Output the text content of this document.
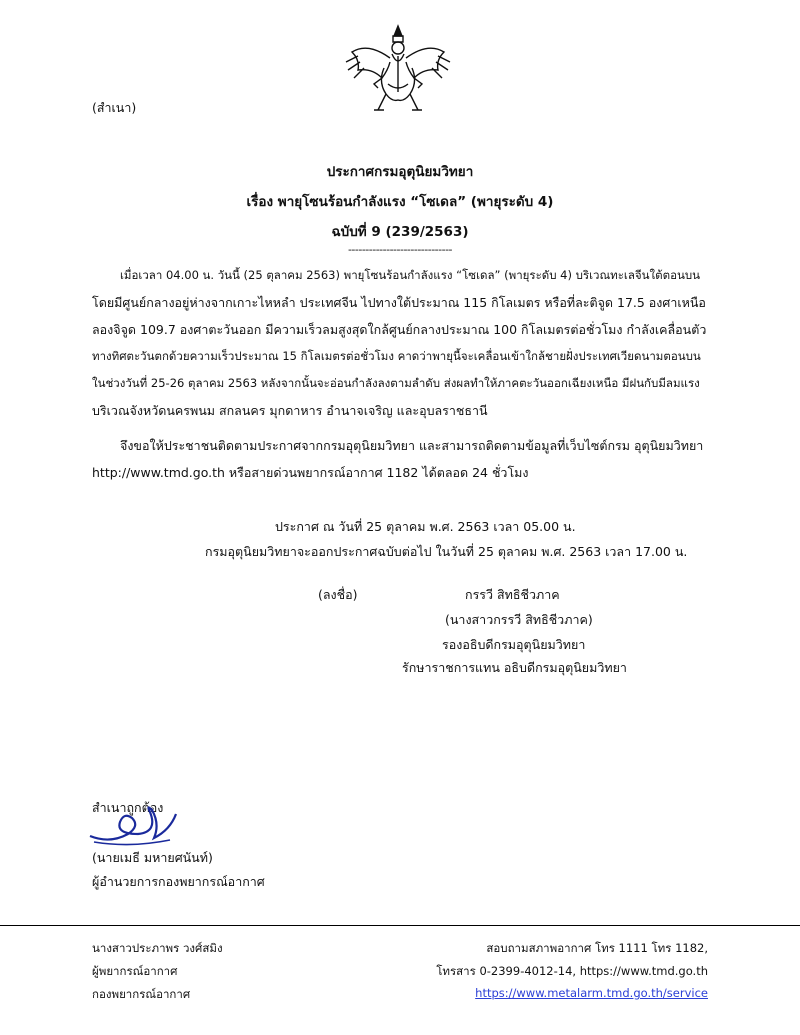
(สำเนา)
ประกาศกรมอุตุนิยมวิทยา
เรื่อง พายุโซนร้อนกำลังแรง “โซเดล” (พายุระดับ 4)
ฉบับที่ 9 (239/2563)
------------------------------
เมื่อเวลา 04.00 น. วันนี้ (25 ตุลาคม 2563) พายุโซนร้อนกำลังแรง “โซเดล” (พายุระดับ 4) บริเวณทะเลจีนใต้ตอนบน
โดยมีศูนย์กลางอยู่ห่างจากเกาะไหหลำ ประเทศจีน ไปทางใต้ประมาณ 115 กิโลเมตร หรือที่ละติจูด 17.5 องศาเหนือ
ลองจิจูด 109.7 องศาตะวันออก มีความเร็วลมสูงสุดใกล้ศูนย์กลางประมาณ 100 กิโลเมตรต่อชั่วโมง กำลังเคลื่อนตัว
ทางทิศตะวันตกด้วยความเร็วประมาณ 15 กิโลเมตรต่อชั่วโมง คาดว่าพายุนี้จะเคลื่อนเข้าใกล้ชายฝั่งประเทศเวียดนามตอนบน
ในช่วงวันที่ 25-26 ตุลาคม 2563 หลังจากนั้นจะอ่อนกำลังลงตามลำดับ ส่งผลทำให้ภาคตะวันออกเฉียงเหนือ มีฝนกับมีลมแรง
บริเวณจังหวัดนครพนม สกลนคร มุกดาหาร อำนาจเจริญ และอุบลราชธานี
จึงขอให้ประชาชนติดตามประกาศจากกรมอุตุนิยมวิทยา และสามารถติดตามข้อมูลที่เว็บไซต์กรม อุตุนิยมวิทยา
http://www.tmd.go.th หรือสายด่วนพยากรณ์อากาศ 1182 ได้ตลอด 24 ชั่วโมง
ประกาศ ณ วันที่ 25 ตุลาคม พ.ศ. 2563 เวลา 05.00 น.
กรมอุตุนิยมวิทยาจะออกประกาศฉบับต่อไป ในวันที่ 25 ตุลาคม พ.ศ. 2563 เวลา 17.00 น.
(ลงชื่อ)	กรรวี สิทธิชีวภาค
(นางสาวกรรวี สิทธิชีวภาค)
รองอธิบดีกรมอุตุนิยมวิทยา
รักษาราชการแทน อธิบดีกรมอุตุนิยมวิทยา
สำเนาถูกต้อง
(นายเมธี มหายศนันท์)
ผู้อำนวยการกองพยากรณ์อากาศ
นางสาวประภาพร วงศ์สมิง
ผู้พยากรณ์อากาศ
กองพยากรณ์อากาศ
สอบถามสภาพอากาศ โทร 1111 โทร 1182,
โทรสาร 0-2399-4012-14, https://www.tmd.go.th
https://www.metalarm.tmd.go.th/service
